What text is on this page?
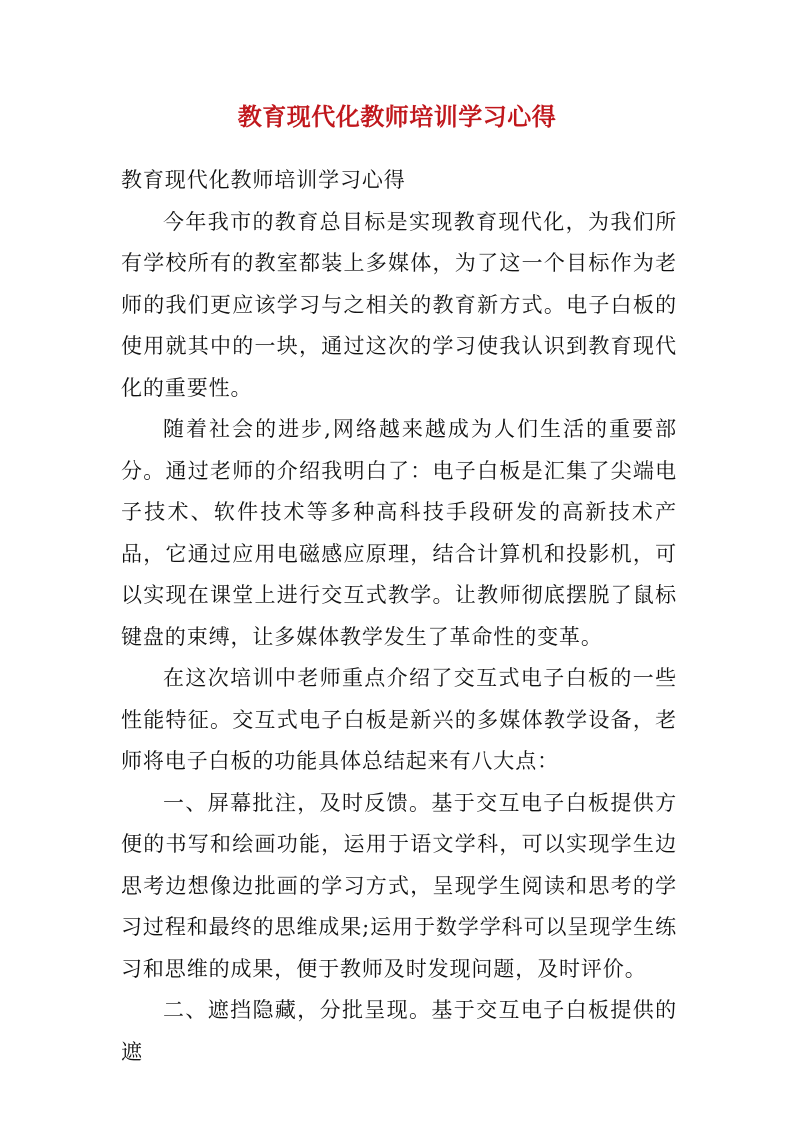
教育现代化教师培训学习心得

教育现代化教师培训学习心得

今年我市的教育总目标是实现教育现代化，为我们所有学校所有的教室都装上多媒体，为了这一个目标作为老师的我们更应该学习与之相关的教育新方式。电子白板的使用就其中的一块，通过这次的学习使我认识到教育现代化的重要性。

随着社会的进步,网络越来越成为人们生活的重要部分。通过老师的介绍我明白了：电子白板是汇集了尖端电子技术、软件技术等多种高科技手段研发的高新技术产品，它通过应用电磁感应原理，结合计算机和投影机，可以实现在课堂上进行交互式教学。让教师彻底摆脱了鼠标键盘的束缚，让多媒体教学发生了革命性的变革。

在这次培训中老师重点介绍了交互式电子白板的一些性能特征。交互式电子白板是新兴的多媒体教学设备，老师将电子白板的功能具体总结起来有八大点：

一、屏幕批注，及时反馈。基于交互电子白板提供方便的书写和绘画功能，运用于语文学科，可以实现学生边思考边想像边批画的学习方式，呈现学生阅读和思考的学习过程和最终的思维成果;运用于数学学科可以呈现学生练习和思维的成果，便于教师及时发现问题，及时评价。

二、遮挡隐藏，分批呈现。基于交互电子白板提供的遮
